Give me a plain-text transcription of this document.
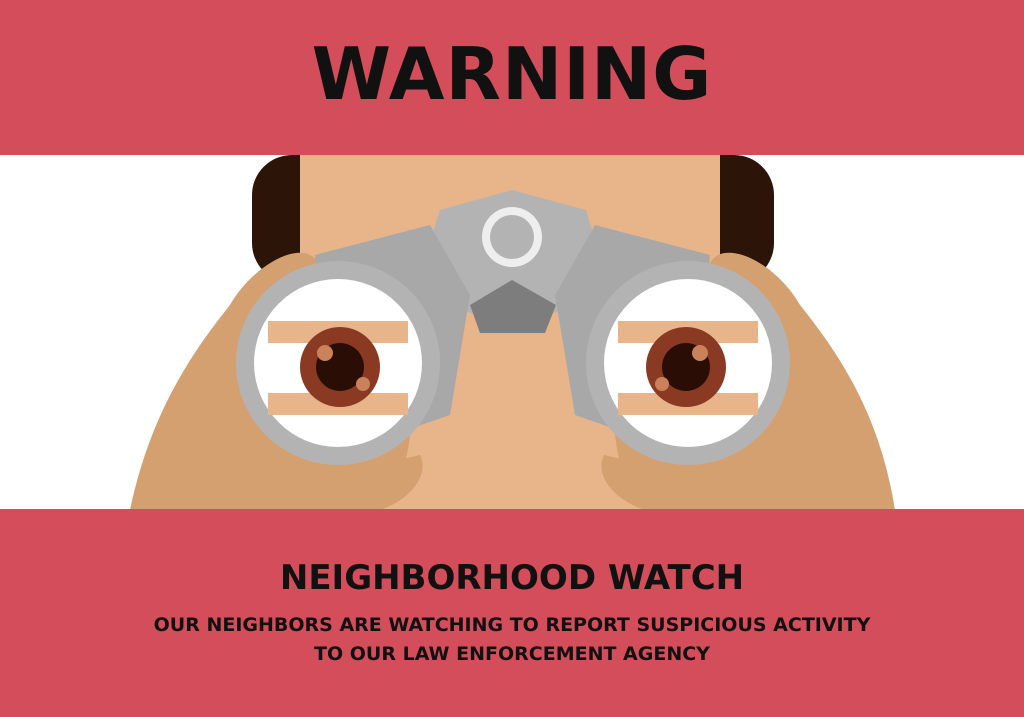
WARNING
NEIGHBORHOOD WATCH
OUR NEIGHBORS ARE WATCHING TO REPORT SUSPICIOUS ACTIVITY
TO OUR LAW ENFORCEMENT AGENCY
